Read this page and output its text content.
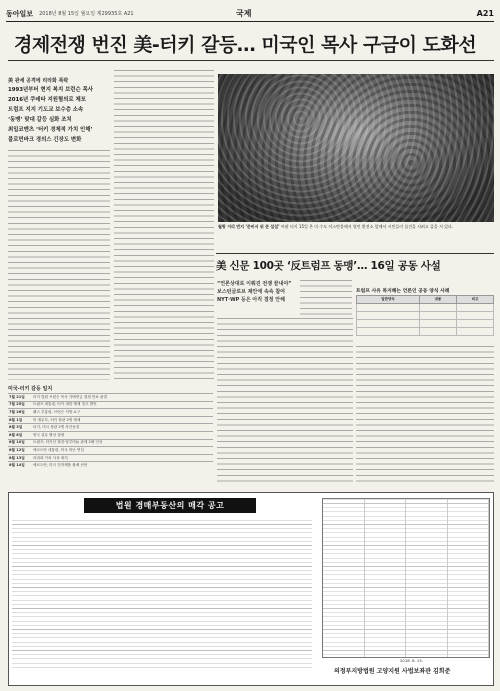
동아일보 2018년 8월 15일 월요일 제29935호 A21	국제	A21
경제전쟁 번진 美-터키 갈등… 미국인 목사 구금이 도화선
美 관세 공격에 리라화 폭락
1993년부터 현지 복지 브런슨 목사
2016년 쿠데타 지원혐의로 체포
트럼프 지지 기도교 보수층 소속
‘동맹’ 맞대 갈등 심화 조치
최일코멘츠 ‘터키 경제적 가치 인해’
블로먼바크 경의스 긴장도 변화
월랑 거리 번지 ‘준비서 위 준 섭섭’ 아팔 터키 15일 온 미 수도 이스탄불에서 열린 환전소 앞에서 시민들이 물건을 사려고 줄을 서 있다.
美 신문 100곳 ‘反트럼프 동맹’… 16일 공동 사설
“언론상대로 이뤄진 전쟁 끝내야” 보스턴글로브 제안에 속속 참여 NYT·WP 등은 아직 결정 안해
트럼프 사유 복지해는 언론인 공동 양식 사례
일반양식	내용	비고

미국-터키 갈등 일지
7월 21일	터키 법원 브런슨 목사 가택연금 결정 만료 판결
7월 25일	트럼프 대통령, 터키 대한 제재 경고 발언
7월 26일	펜스 부통령, 브런슨 석방 요구
8월 1일	미 재무부, 터키 장관 2명 제재
8월 3일	터키, 미국 장관 2명 자산동결
8월 8일	양국 실무 협상 결렬
8월 10일	트럼프, 터키산 철강·알루미늄 관세 2배 인상
8월 12일	에르도안 대통령, 미국 비난 연설
8월 13일	리라화 가치 사상 최저
8월 14일	에르도안, 미국 전자제품 불매 선언
법원 경매부동산의 매각 공고
2018. 8. 15.
의정부지방법원 고양지원 사법보좌관 김희준
